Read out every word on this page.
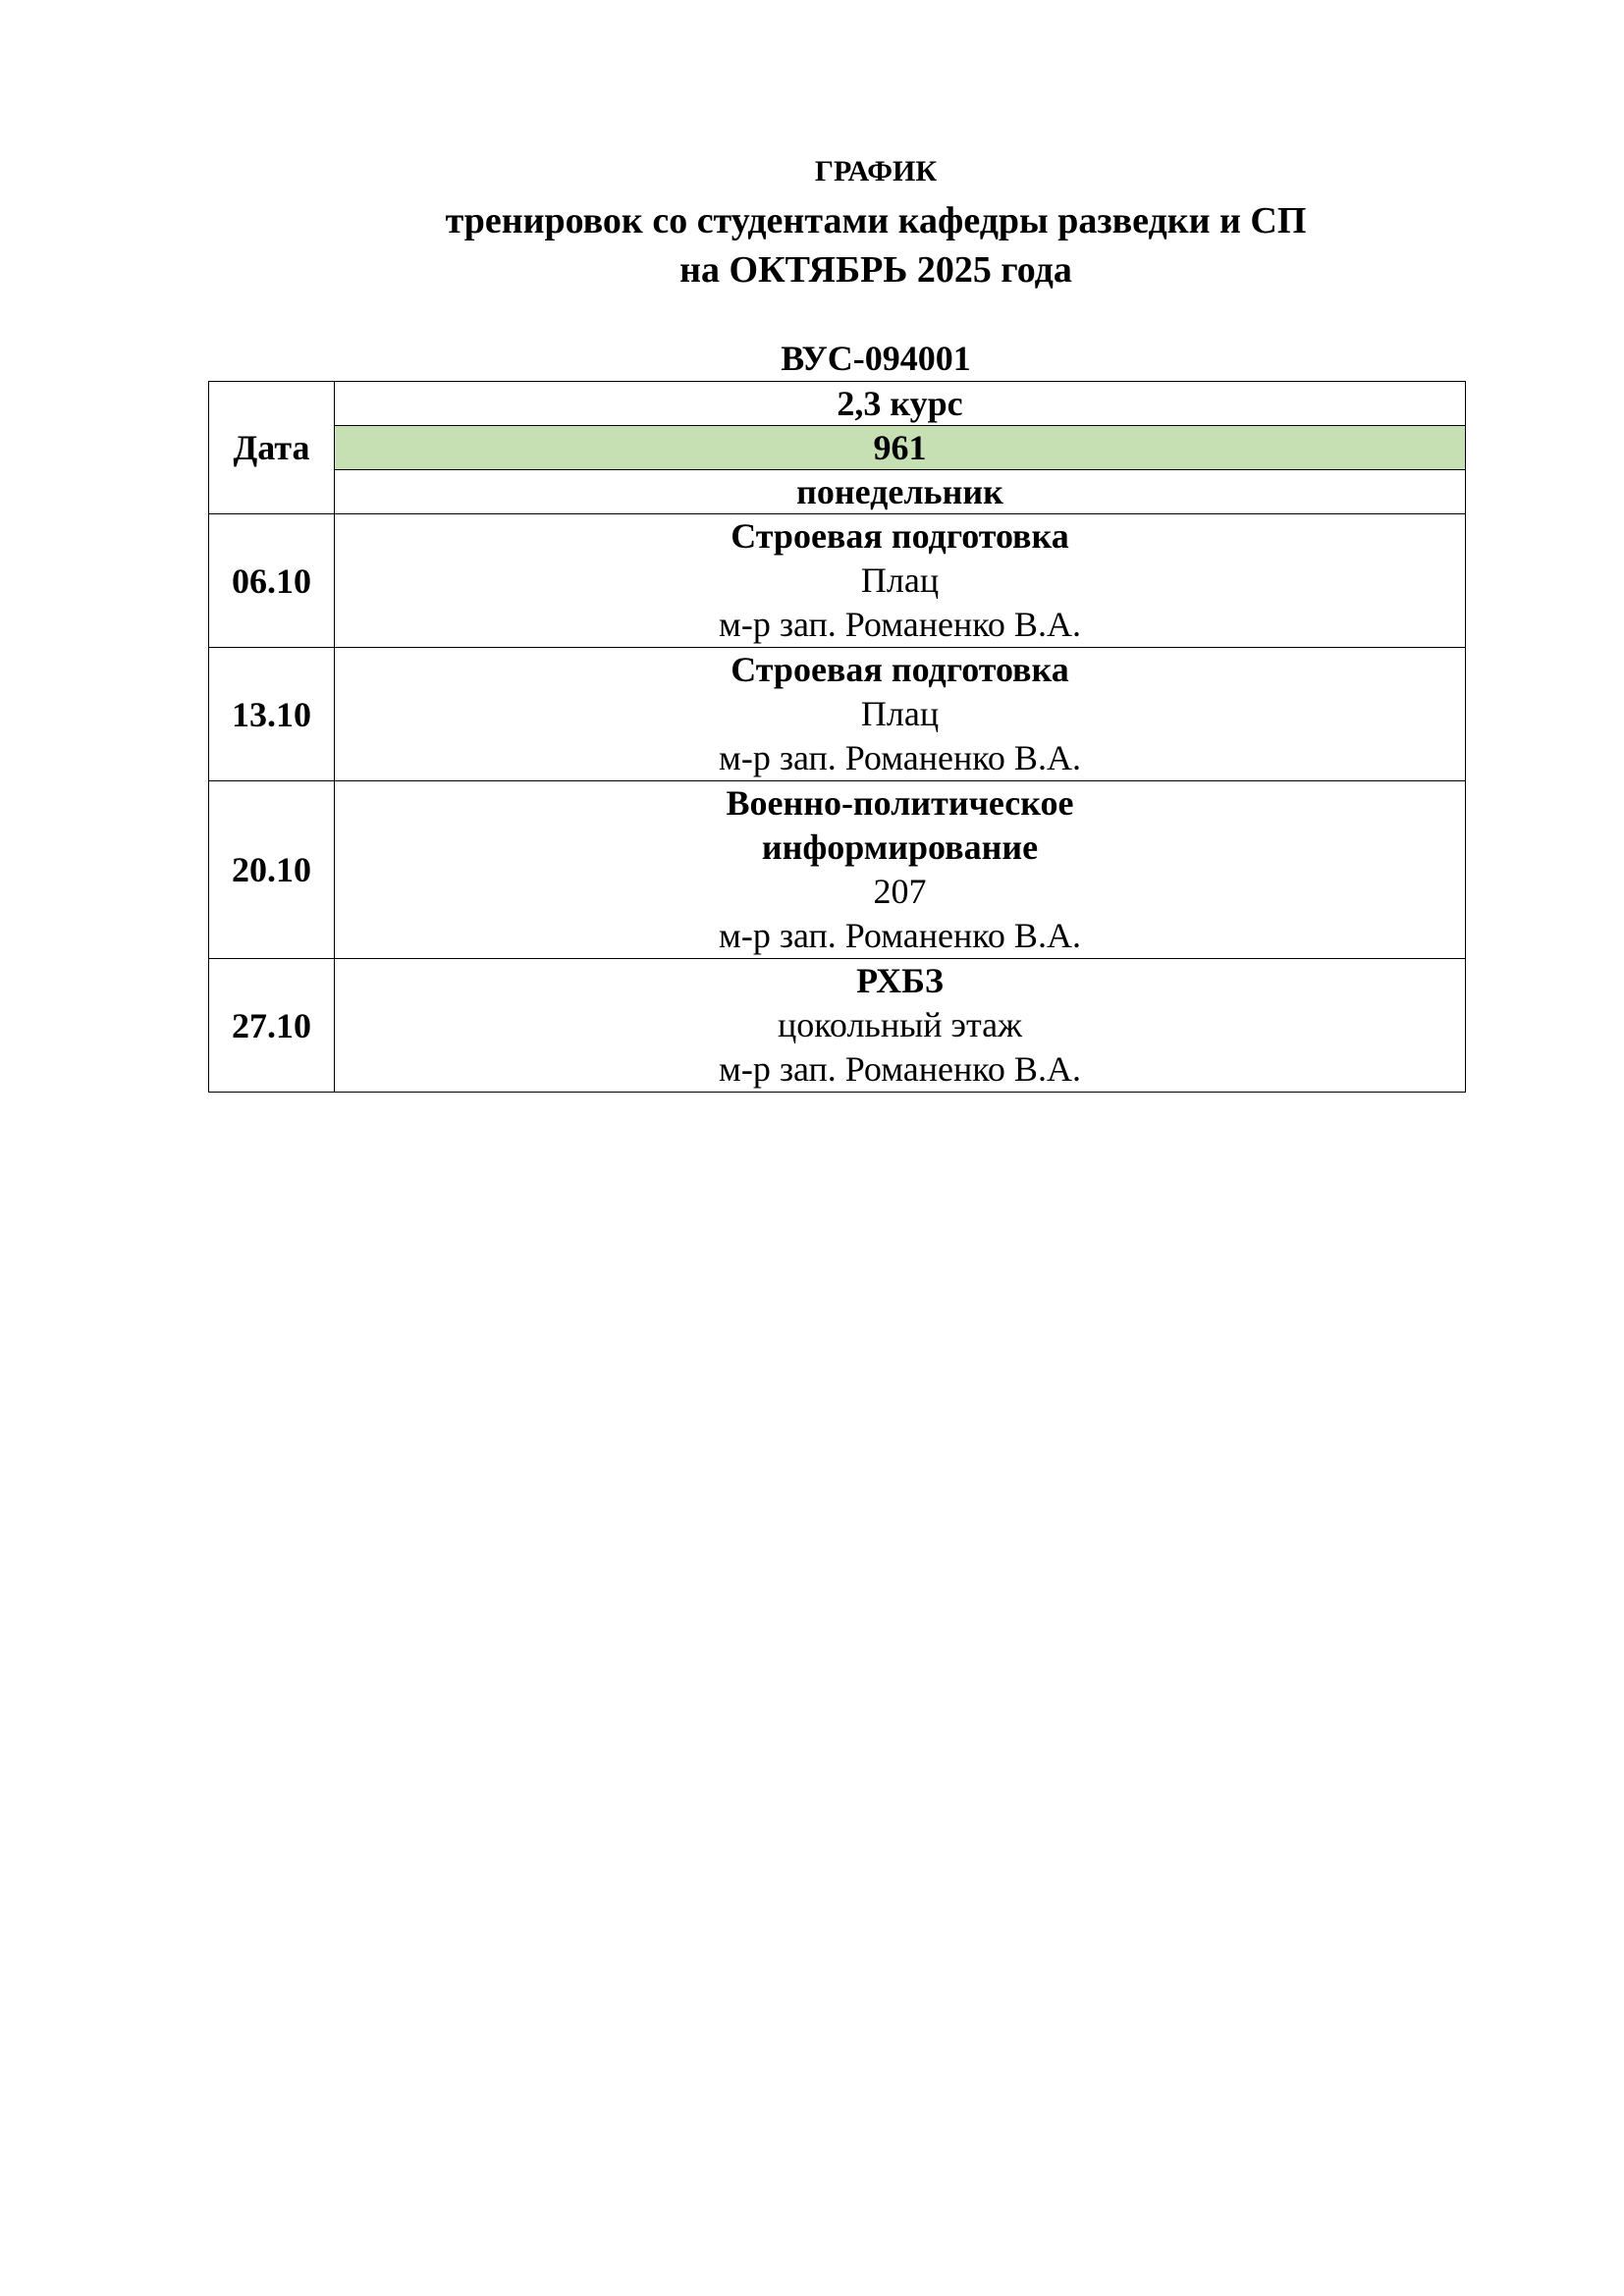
ГРАФИК
тренировок со студентами кафедры разведки и СП
на ОКТЯБРЬ 2025 года
ВУС-094001
Дата	2,3 курс
	961
	понедельник
06.10	Строевая подготовка
Плац
м-р зап. Романенко В.А.

13.10	Строевая подготовка
Плац
м-р зап. Романенко В.А.

20.10	Военно-политическое
информирование
207
м-р зап. Романенко В.А.

27.10	РХБЗ
цокольный этаж
м-р зап. Романенко В.А.
